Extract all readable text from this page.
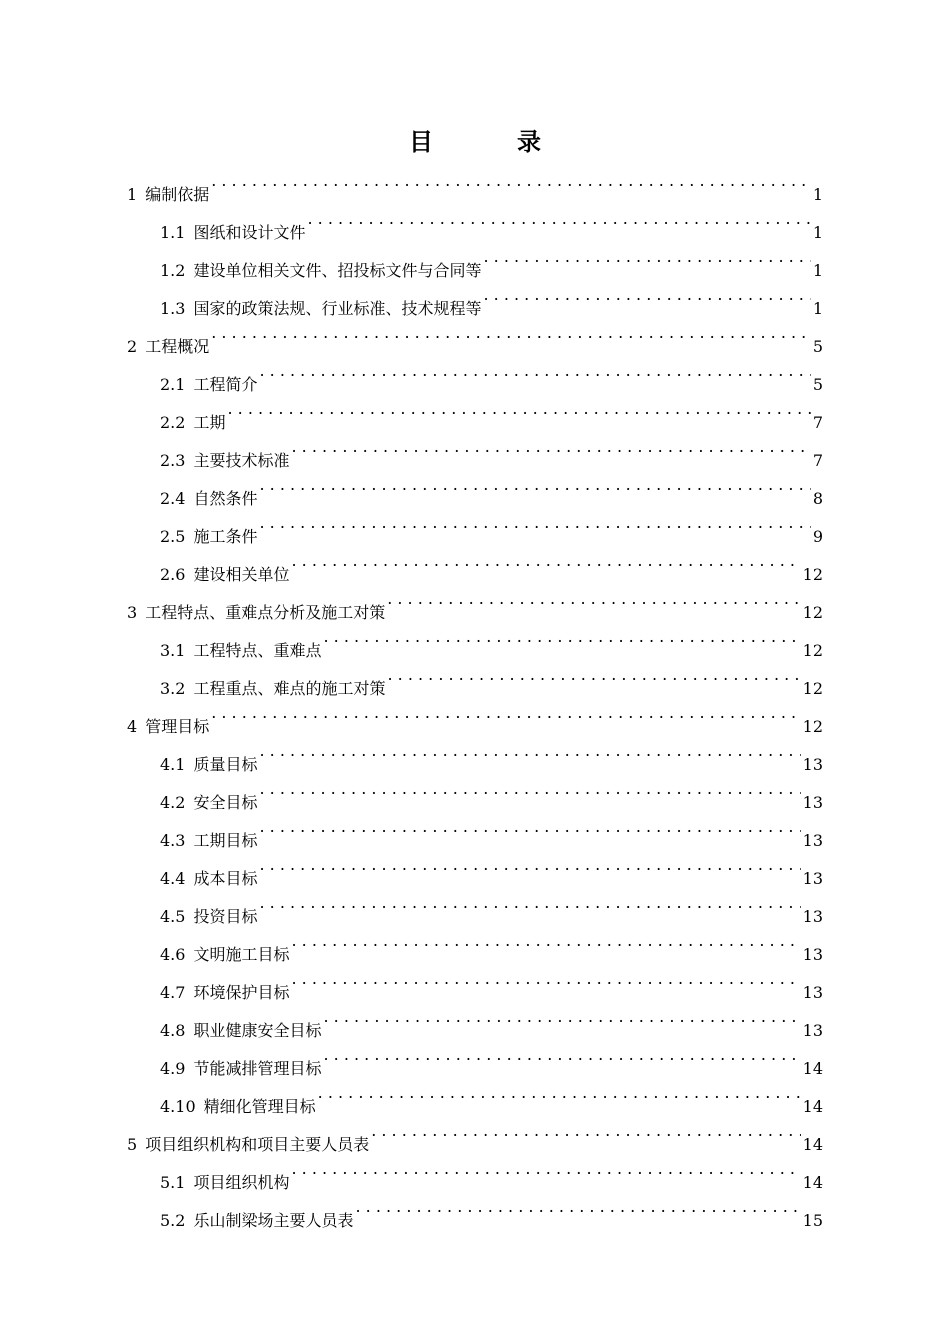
目　录
1 编制依据 . . .	1
1.1 图纸和设计文件 . . .	1
1.2 建设单位相关文件、招投标文件与合同等 . . .	1
1.3 国家的政策法规、行业标准、技术规程等 . . .	1
2 工程概况 . . .	5
2.1 工程简介 . . .	5
2.2 工期 . . .	7
2.3 主要技术标准 . . .	7
2.4 自然条件 . . .	8
2.5 施工条件 . . .	9
2.6 建设相关单位 . . .	12
3 工程特点、重难点分析及施工对策 . . .	12
3.1 工程特点、重难点 . . .	12
3.2 工程重点、难点的施工对策 . . .	12
4 管理目标 . . .	12
4.1 质量目标 . . .	13
4.2 安全目标 . . .	13
4.3 工期目标 . . .	13
4.4 成本目标 . . .	13
4.5 投资目标 . . .	13
4.6 文明施工目标 . . .	13
4.7 环境保护目标 . . .	13
4.8 职业健康安全目标 . . .	13
4.9 节能减排管理目标 . . .	14
4.10 精细化管理目标 . . .	14
5 项目组织机构和项目主要人员表 . . .	14
5.1 项目组织机构 . . .	14
5.2 乐山制梁场主要人员表 . . .	15
